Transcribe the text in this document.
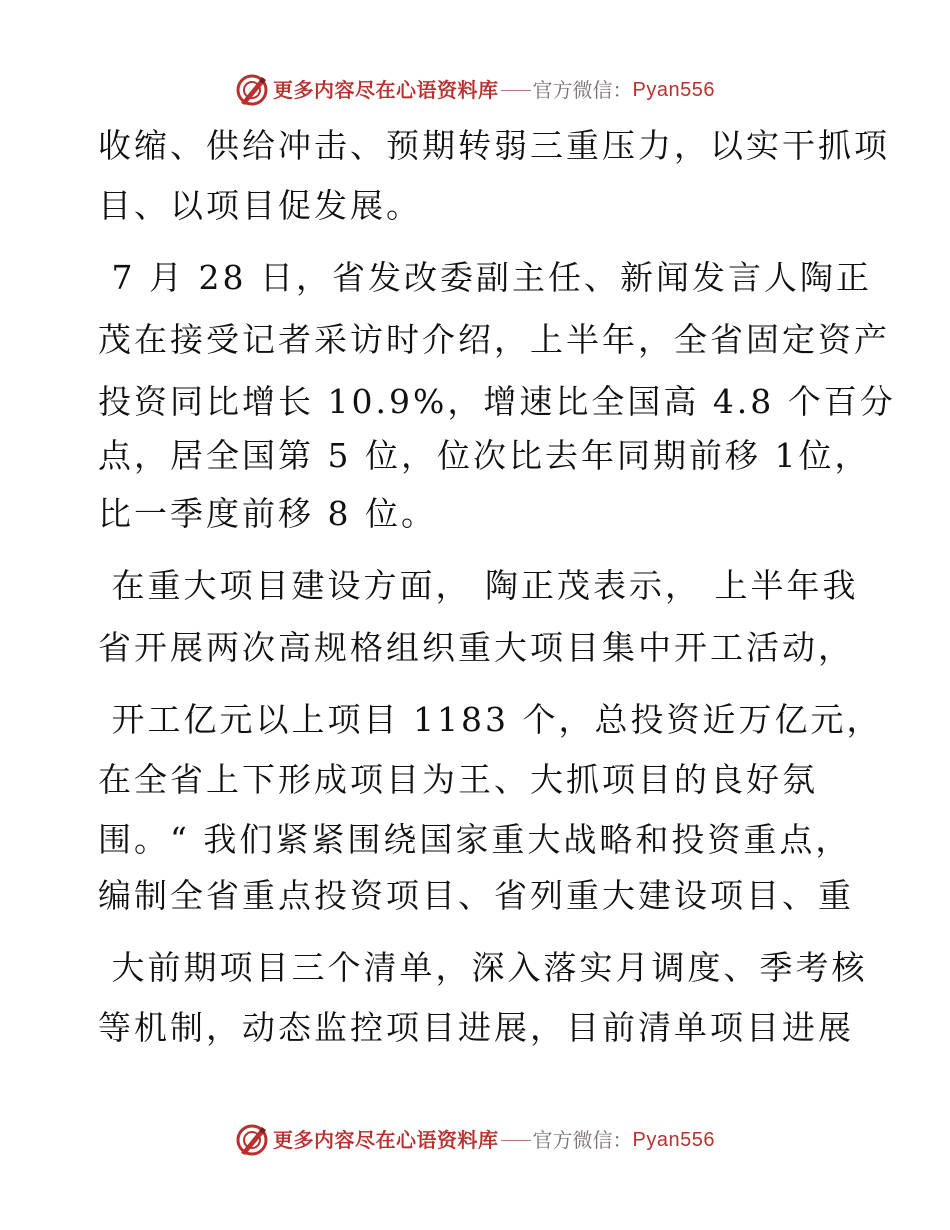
更多内容尽在心语资料库 官方微信： Pyan556
收缩、供给冲击、预期转弱三重压力，以实干抓项
目、以项目促发展。
7 月 28 日，省发改委副主任、新闻发言人陶正
茂在接受记者采访时介绍，上半年，全省固定资产
投资同比增长 10.9%，增速比全国高 4.8 个百分
点，居全国第 5 位，位次比去年同期前移 1位，
比一季度前移 8 位。
在重大项目建设方面， 陶正茂表示， 上半年我
省开展两次高规格组织重大项目集中开工活动，
开工亿元以上项目 1183 个，总投资近万亿元，
在全省上下形成项目为王、大抓项目的良好氛
围。“ 我们紧紧围绕国家重大战略和投资重点，
编制全省重点投资项目、省列重大建设项目、重
大前期项目三个清单，深入落实月调度、季考核
等机制，动态监控项目进展，目前清单项目进展
更多内容尽在心语资料库 官方微信： Pyan556
